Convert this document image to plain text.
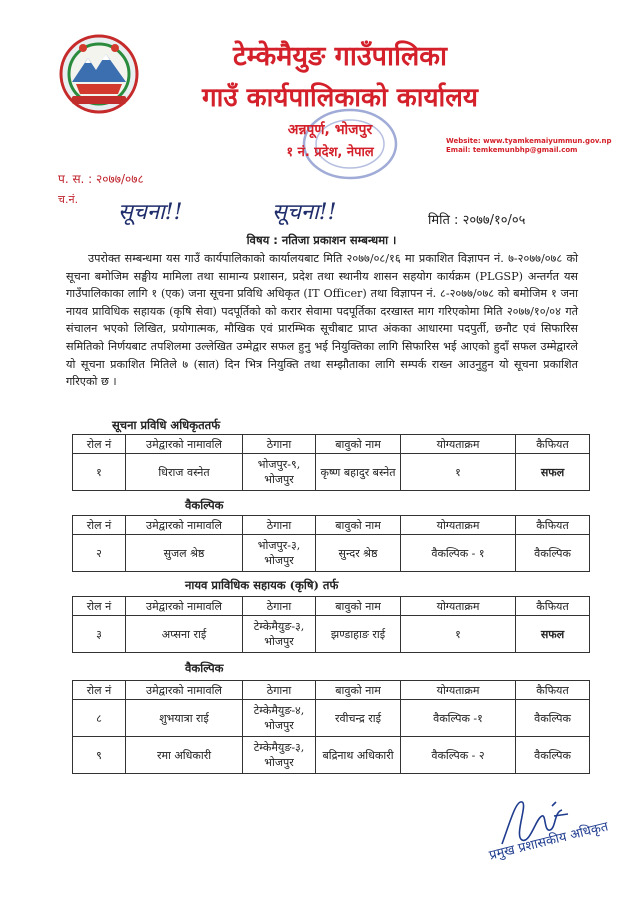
टेम्केमैयुङ गाउँपालिका
गाउँ कार्यपालिकाको कार्यालय
अन्नपूर्ण, भोजपुर
१ नं. प्रदेश, नेपाल
Website: www.tyamkemaiyummun.gov.np
Email: temkemunbhp@gmail.com
प. स. : २०७७/०७८
च.नं.
सूचना!!	सूचना!!	मिति : २०७७/१०/०५
विषय : नतिजा प्रकाशन सम्बन्धमा ।
उपरोक्त सम्बन्धमा यस गाउँ कार्यपालिकाको कार्यालयबाट मिति २०७७/०८/१६ मा प्रकाशित विज्ञापन नं. ७-२०७७/०७८ को सूचना बमोजिम सङ्घीय मामिला तथा सामान्य प्रशासन, प्रदेश तथा स्थानीय शासन सहयोग कार्यक्रम (PLGSP) अन्तर्गत यस गाउँपालिकाका लागि १ (एक) जना सूचना प्रविधि अधिकृत (IT Officer) तथा विज्ञापन नं. ८-२०७७/०७८ को बमोजिम १ जना नायव प्राविधिक सहायक (कृषि सेवा) पदपूर्तिको को करार सेवामा पदपूर्तिका दरखास्त माग गरिएकोमा मिति २०७७/१०/०४ गते संचालन भएको लिखित, प्रयोगात्मक, मौखिक एवं प्रारम्भिक सूचीबाट प्राप्त अंकका आधारमा पदपुर्ती, छनौट एवं सिफारिस समितिको निर्णयबाट तपशिलमा उल्लेखित उम्मेद्वार सफल हुनु भई नियुक्तिका लागि सिफारिस भई आएको हुदाँ सफल उम्मेद्वारले यो सूचना प्रकाशित मितिले ७ (सात) दिन भित्र नियुक्ति तथा सम्झौताका लागि सम्पर्क राख्न आउनुहुन यो सूचना प्रकाशित गरिएको छ ।
सूचना प्रविधि अधिकृततर्फ
रोल नं	उमेद्वारको नामावलि	ठेगाना	बावुको नाम	योग्यताक्रम	कैफियत
१	धिराज वस्नेत	भोजपुर-९, भोजपुर	कृष्ण बहादुर बस्नेत	१	सफल
वैकल्पिक
रोल नं	उमेद्वारको नामावलि	ठेगाना	बावुको नाम	योग्यताक्रम	कैफियत
२	सुजल श्रेष्ठ	भोजपुर-३, भोजपुर	सुन्दर श्रेष्ठ	वैकल्पिक - १	वैकल्पिक
नायव प्राविधिक सहायक (कृषि) तर्फ
रोल नं	उमेद्वारको नामावलि	ठेगाना	बावुको नाम	योग्यताक्रम	कैफियत
३	अप्सना राई	टेम्केमैयुङ-३, भोजपुर	झण्डाहाङ राई	१	सफल
वैकल्पिक
रोल नं	उमेद्वारको नामावलि	ठेगाना	बावुको नाम	योग्यताक्रम	कैफियत
८	शुभयात्रा राई	टेम्केमैयुङ-४, भोजपुर	रवीचन्द्र राई	वैकल्पिक -१	वैकल्पिक
९	रमा अधिकारी	टेम्केमैयुङ-३, भोजपुर	बद्रिनाथ अधिकारी	वैकल्पिक - २	वैकल्पिक
प्रमुख प्रशासकीय अधिकृत
